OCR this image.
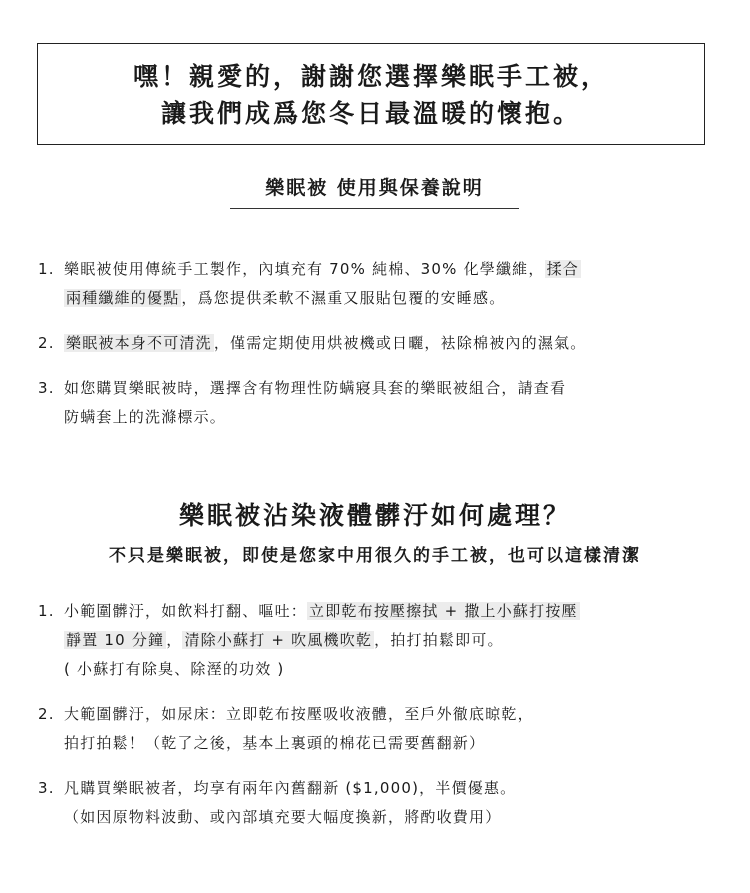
嘿！親愛的，謝謝您選擇樂眠手工被，
讓我們成爲您冬日最溫暖的懷抱。
樂眠被 使用與保養說明
1. 樂眠被使用傳統手工製作，內填充有 70% 純棉、30% 化學纖維， 揉合
兩種纖維的優點 ，爲您提供柔軟不濕重又服貼包覆的安睡感。
2. 樂眠被本身不可清洗 ，僅需定期使用烘被機或日曬，袪除棉被內的濕氣。
3. 如您購買樂眠被時，選擇含有物理性防螨寢具套的樂眠被組合，請查看
防螨套上的洗滌標示。
樂眠被沾染液體髒汙如何處理？
不只是樂眠被，即使是您家中用很久的手工被，也可以這樣清潔
1. 小範圍髒汙，如飲料打翻、嘔吐： 立即乾布按壓擦拭 + 撒上小蘇打按壓
靜置 10 分鐘 ， 清除小蘇打 + 吹風機吹乾 ，拍打拍鬆即可。
( 小蘇打有除臭、除溼的功效 )
2. 大範圍髒汙，如尿床：立即乾布按壓吸收液體，至戶外徹底晾乾，
拍打拍鬆！（乾了之後，基本上裏頭的棉花已需要舊翻新）
3. 凡購買樂眠被者，均享有兩年內舊翻新 ($1,000)，半價優惠。
（如因原物料波動、或內部填充要大幅度換新，將酌收費用）
